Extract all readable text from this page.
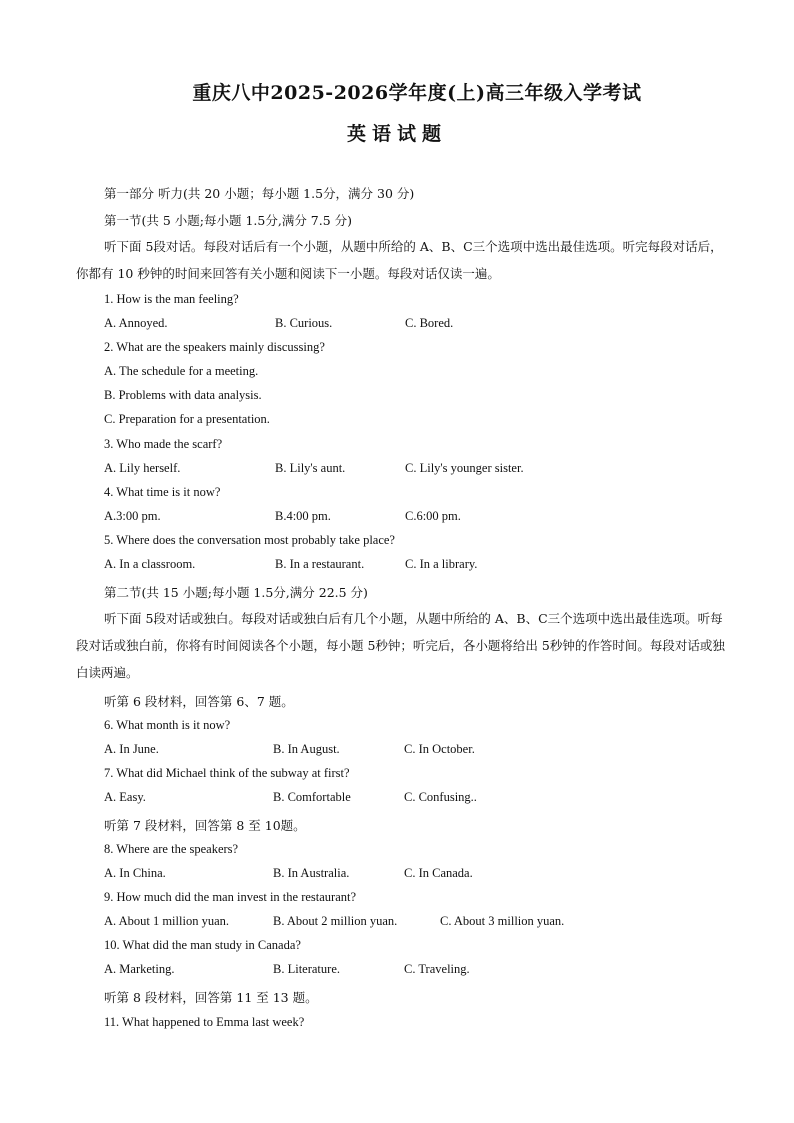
重庆八中2025-2026学年度(上)高三年级入学考试
英语试题
第一部分 听力(共 20 小题；每小题 1.5分，满分 30 分)
第一节(共 5 小题;每小题 1.5分,满分 7.5 分)
听下面 5段对话。每段对话后有一个小题，从题中所给的 A、B、C三个选项中选出最佳选项。听完每段对话后，你都有 10 秒钟的时间来回答有关小题和阅读下一小题。每段对话仅读一遍。
1. How is the man feeling?
A. Annoyed.	B. Curious.	C. Bored.
2. What are the speakers mainly discussing?
A. The schedule for a meeting.
B. Problems with data analysis.
C. Preparation for a presentation.
3. Who made the scarf?
A. Lily herself.	B. Lily's aunt.	C. Lily's younger sister.
4. What time is it now?
A.3:00 pm.	B.4:00 pm.	C.6:00 pm.
5. Where does the conversation most probably take place?
A. In a classroom.	B. In a restaurant.	C. In a library.
第二节(共 15 小题;每小题 1.5分,满分 22.5 分)
听下面 5段对话或独白。每段对话或独白后有几个小题，从题中所给的 A、B、C三个选项中选出最佳选项。听每段对话或独白前，你将有时间阅读各个小题，每小题 5秒钟；听完后，各小题将给出 5秒钟的作答时间。每段对话或独白读两遍。
听第 6 段材料，回答第 6、7 题。
6. What month is it now?
A. In June.	B. In August.	C. In October.
7. What did Michael think of the subway at first?
A. Easy.	B. Comfortable	C. Confusing..
听第 7 段材料，回答第 8 至 10题。
8. Where are the speakers?
A. In China.	B. In Australia.	C. In Canada.
9. How much did the man invest in the restaurant?
A. About 1 million yuan.	B. About 2 million yuan.	C. About 3 million yuan.
10. What did the man study in Canada?
A. Marketing.	B. Literature.	C. Traveling.
听第 8 段材料，回答第 11 至 13 题。
11. What happened to Emma last week?
